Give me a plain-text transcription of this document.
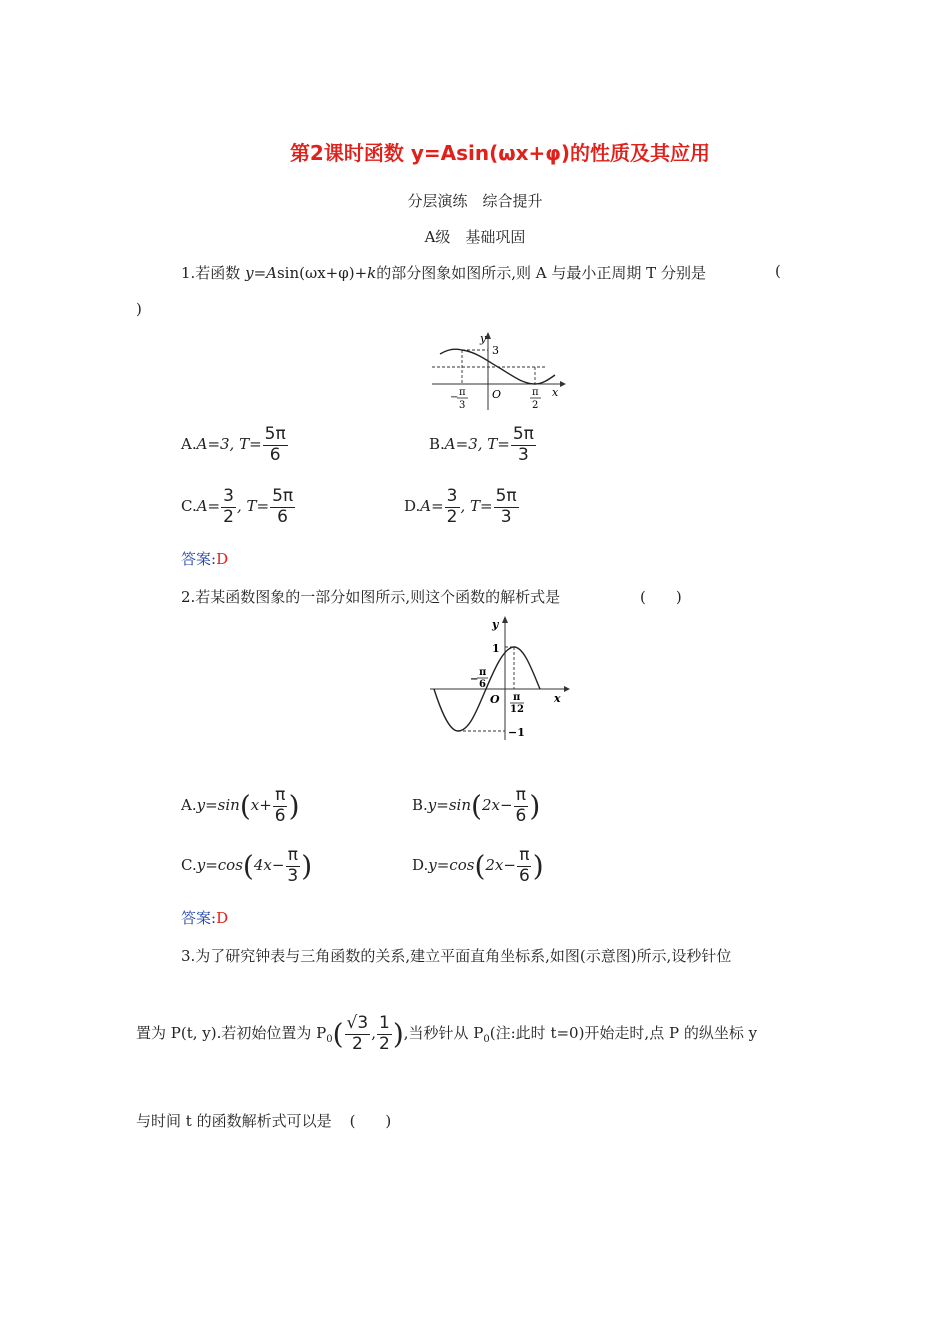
第2课时函数 y=Asin(ωx+φ)的性质及其应用
分层演练　综合提升
A级　基础巩固
1.若函数 y=Asin(ωx+φ)+k的部分图象如图所示,则 A 与最小正周期 T 分别是	(
)
y
3
x
O
− π
3
π
2
A.A=3, $T= \frac{5\pi}{6}$	B.A=3, $T= \frac{5\pi}{3}$
$C.A= \frac{3}{2}$ , $T= \frac{5\pi}{6}$	$D.A= \frac{3}{2}$ , $T= \frac{5\pi}{3}$
答案:D
2.若某函数图象的一部分如图所示,则这个函数的解析式是	(　　)
y
1
−1
x
O
−
π
6
π
12
$A.y=\sin(x+ \frac{\pi}{6}$ )	$B.y=\sin(2x- \frac{\pi}{6}$ )
$C.y=\cos(4x- \frac{\pi}{3}$ )	$D.y=\cos(2x- \frac{\pi}{6}$ )
答案:D
3.为了研究钟表与三角函数的关系,建立平面直角坐标系,如图(示意图)所示,设秒针位
置为 P(t, y).若初始位置为 $P_0( \frac{√3}{2}$ , $\frac{1}{2}$ ),当秒针从 $P_0$(注:此时 t=0)开始走时,点 P 的纵坐标 y
与时间 t 的函数解析式可以是 (　　)
